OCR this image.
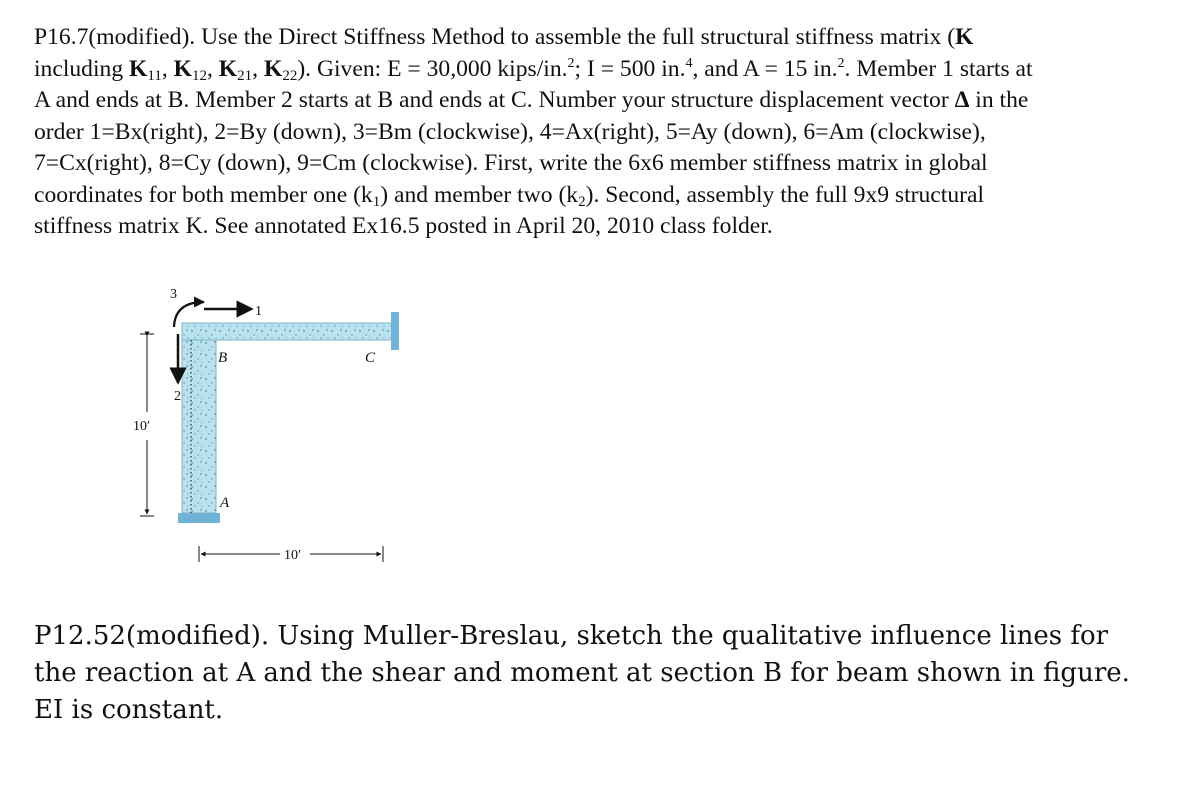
P16.7(modified). Use the Direct Stiffness Method to assemble the full structural stiffness matrix (K
including $K_{11}$, $K_{12}$, $K_{21}$, $K_{22}$). Given: E = 30,000 kips/in.$^2$; I = 500 in.$^4$, and A = 15 in.$^2$. Member 1 starts at
A and ends at B. Member 2 starts at B and ends at C. Number your structure displacement vector Δ in the
order 1=Bx(right), 2=By (down), 3=Bm (clockwise), 4=Ax(right), 5=Ay (down), 6=Am (clockwise),
7=Cx(right), 8=Cy (down), 9=Cm (clockwise). First, write the 6x6 member stiffness matrix in global
coordinates for both member one $(k_1)$ and member two $(k_2)$. Second, assembly the full 9x9 structural
stiffness matrix K. See annotated Ex16.5 posted in April 20, 2010 class folder.
1
2
3
B	C
A
10′
10′
P12.52(modified). Using Muller-Breslau, sketch the qualitative influence lines for
the reaction at A and the shear and moment at section B for beam shown in figure.
EI is constant.
